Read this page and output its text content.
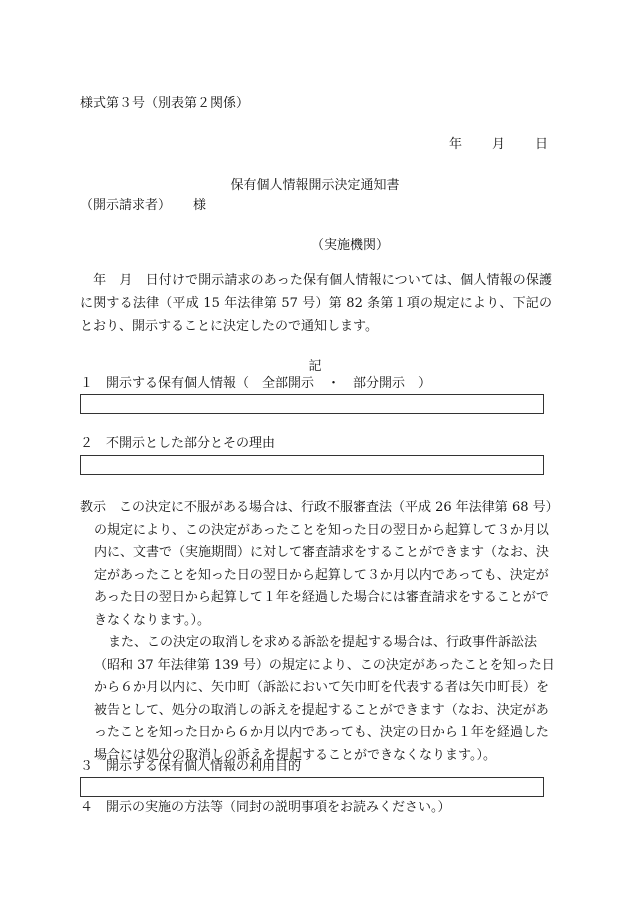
様式第３号（別表第２関係）
年 月 日
保有個人情報開示決定通知書
（開示請求者） 様
（実施機関）
　年　月　日付けで開示請求のあった保有個人情報については、個人情報の保護に関する法律（平成 15 年法律第 57 号）第 82 条第１項の規定により、下記のとおり、開示することに決定したので通知します。
記
１　開示する保有個人情報（　全部開示　・　部分開示　）
２　不開示とした部分とその理由

教示　この決定に不服がある場合は、行政不服審査法（平成 26 年法律第 68 号）の規定により、この決定があったことを知った日の翌日から起算して３か月以内に、文書で（実施期間）に対して審査請求をすることができます（なお、決定があったことを知った日の翌日から起算して３か月以内であっても、決定があった日の翌日から起算して１年を経過した場合には審査請求をすることができなくなります。）。

また、この決定の取消しを求める訴訟を提起する場合は、行政事件訴訟法（昭和 37 年法律第 139 号）の規定により、この決定があったことを知った日から６か月以内に、矢巾町（訴訟において矢巾町を代表する者は矢巾町長）を被告として、処分の取消しの訴えを提起することができます（なお、決定があったことを知った日から６か月以内であっても、決定の日から１年を経過した場合には処分の取消しの訴えを提起することができなくなります。）。

３　開示する保有個人情報の利用目的
４　開示の実施の方法等（同封の説明事項をお読みください。）
